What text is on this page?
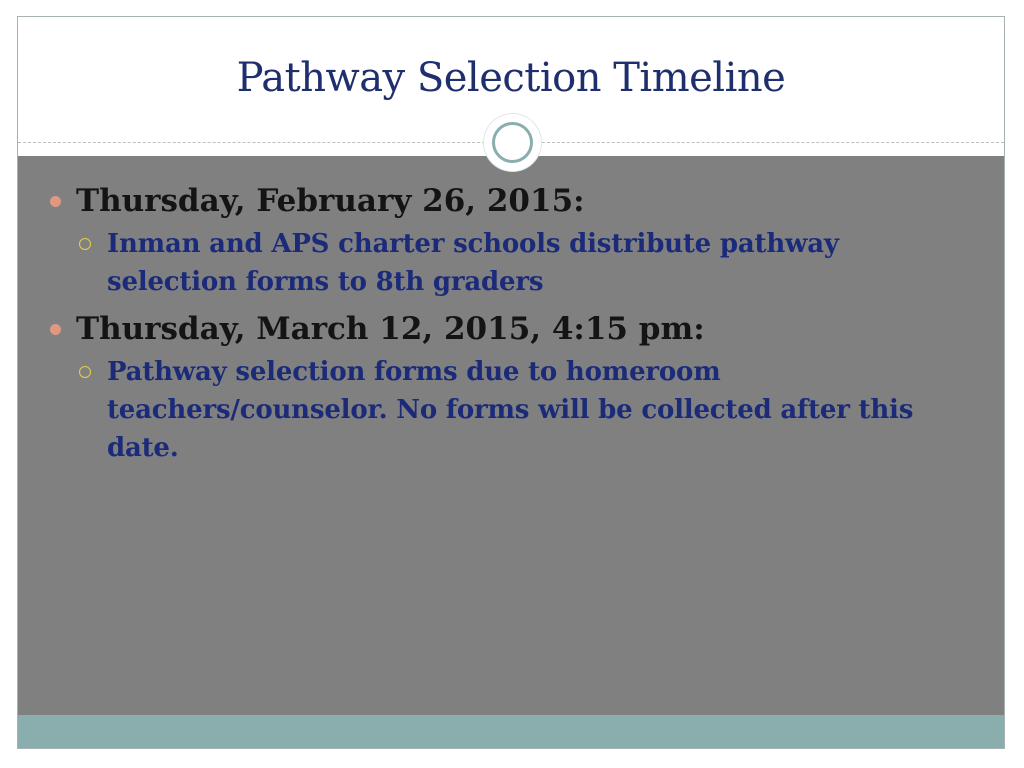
Pathway Selection Timeline
Thursday, February 26, 2015:
Inman and APS charter schools distribute pathway selection forms to 8th graders
Thursday, March 12, 2015, 4:15 pm:
Pathway selection forms due to homeroom teachers/counselor. No forms will be collected after this date.
